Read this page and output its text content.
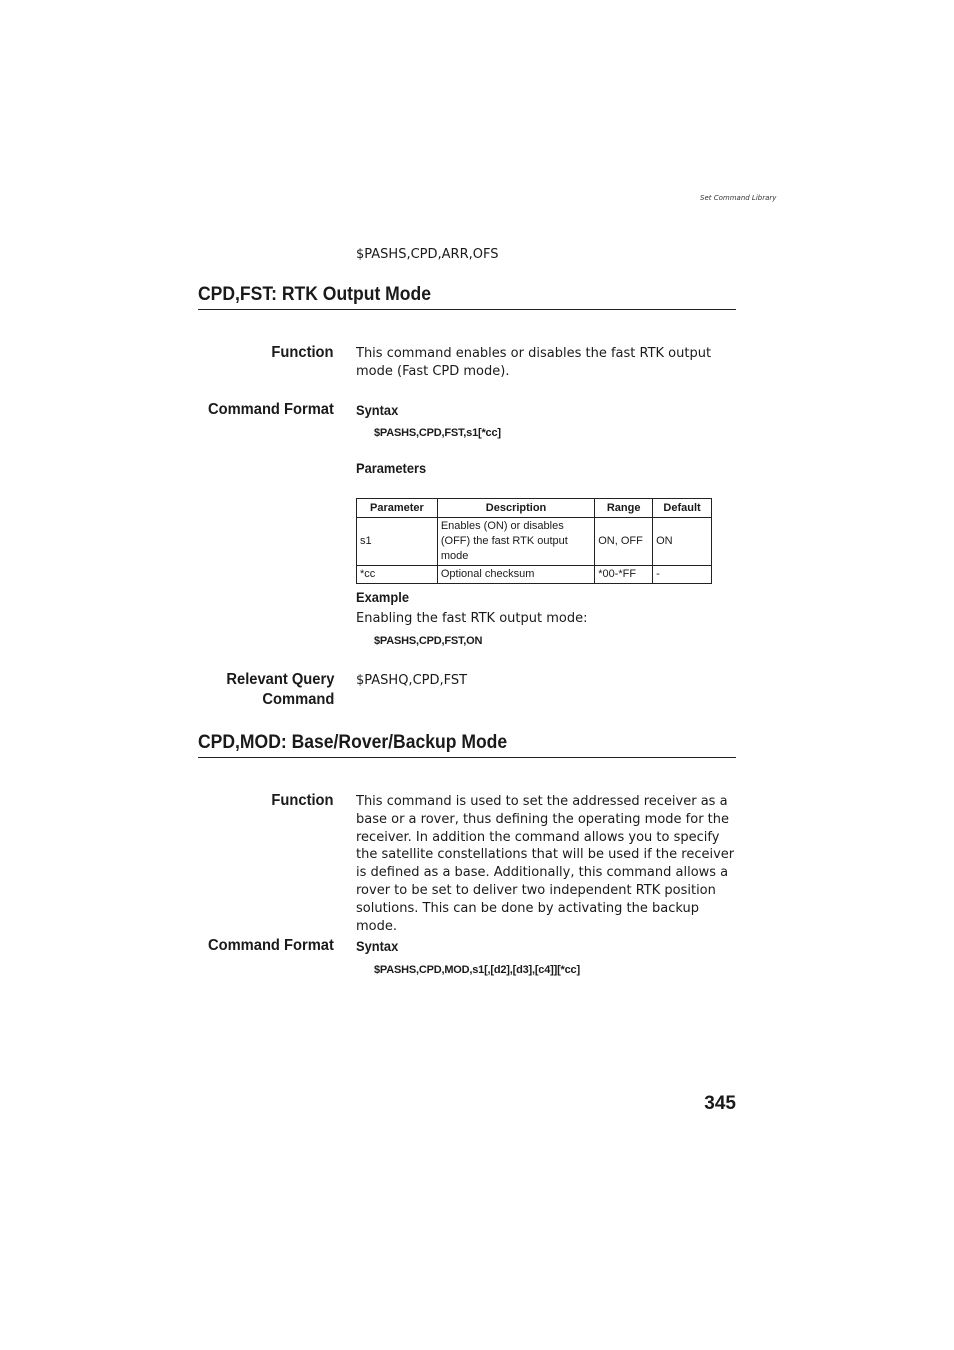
Set Command Library
$PASHS,CPD,ARR,OFS
CPD,FST: RTK Output Mode
Function This command enables or disables the fast RTK output mode (Fast CPD mode).
Command Format Syntax
$PASHS,CPD,FST,s1[*cc]
Parameters
Parameter	Description	Range	Default
s1	Enables (ON) or disables (OFF) the fast RTK output mode	ON, OFF	ON
*cc	Optional checksum	*00-*FF	-
Example
Enabling the fast RTK output mode:
$PASHS,CPD,FST,ON
Relevant Query
Command
$PASHQ,CPD,FST
CPD,MOD: Base/Rover/Backup Mode
Function This command is used to set the addressed receiver as a base or a rover, thus defining the operating mode for the receiver. In addition the command allows you to specify the satellite constellations that will be used if the receiver is defined as a base. Additionally, this command allows a rover to be set to deliver two independent RTK position solutions. This can be done by activating the backup mode.
Command Format Syntax
$PASHS,CPD,MOD,s1[,[d2],[d3],[c4]][*cc]
345
